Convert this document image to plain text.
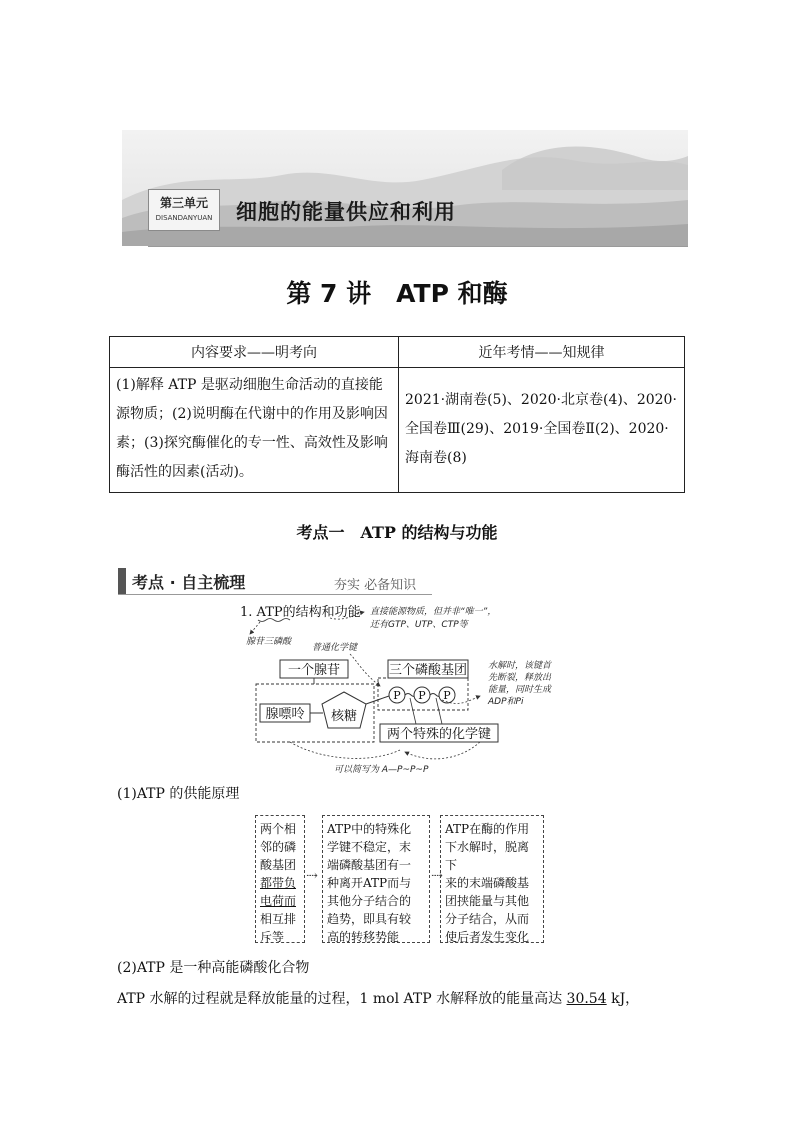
第三单元
DISANDANYUAN	细胞的能量供应和利用
第 7 讲　ATP 和酶
内容要求——明考向	近年考情——知规律
(1)解释 ATP 是驱动细胞生命活动的直接能源物质；(2)说明酶在代谢中的作用及影响因素；(3)探究酶催化的专一性、高效性及影响酶活性的因素(活动)。	2021·湖南卷(5)、2020·北京卷(4)、2020·全国卷Ⅲ(29)、2019·全国卷Ⅱ(2)、2020·海南卷(8)
考点一　ATP 的结构与功能
考点 · 自主梳理	夯实 必备知识
1. ATP的结构和功能 直接能源物质，但并非“唯一”，
还有GTP、UTP、CTP等
腺苷三磷酸
普通化学键
一个腺苷
腺嘌呤 核糖
三个磷酸基团
P P P
两个特殊的化学键
水解时，该键首
先断裂，释放出
能量，同时生成
ADP和Pi
可以简写为 A—P~P~P
(1)ATP 的供能原理
两个相
邻的磷
酸基团
都带负
电荷而
相互排
斥等
⇢
ATP中的特殊化
学键不稳定，末
端磷酸基团有一
种离开ATP而与
其他分子结合的
趋势，即具有较
高的转移势能
⇢
ATP在酶的作用
下水解时，脱离下
来的末端磷酸基
团挟能量与其他
分子结合，从而
使后者发生变化
(2)ATP 是一种高能磷酸化合物
ATP 水解的过程就是释放能量的过程，1 mol ATP 水解释放的能量高达 30.54 kJ，
